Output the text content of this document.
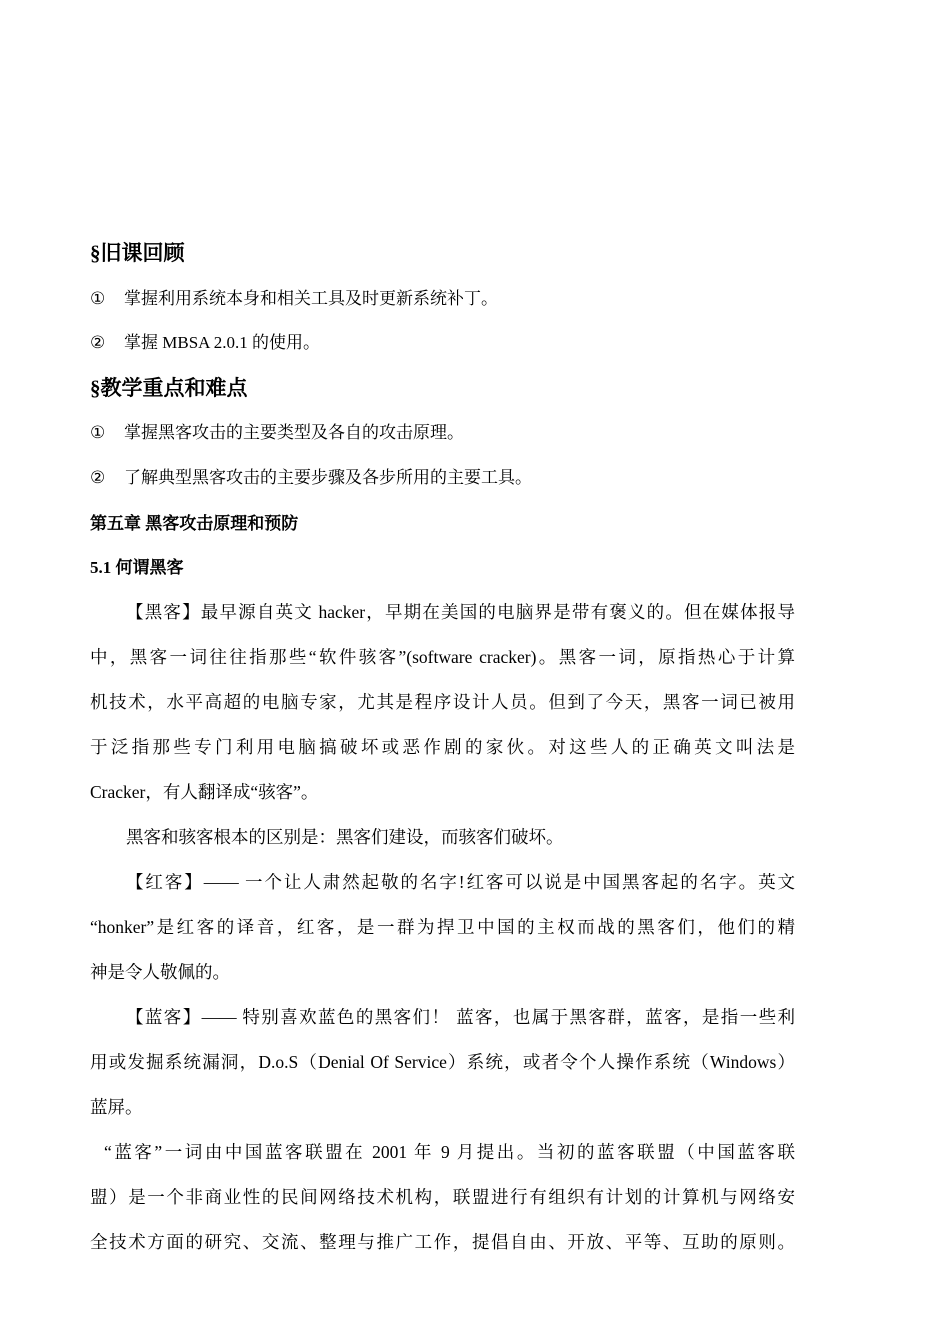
§旧课回顾
① 掌握利用系统本身和相关工具及时更新系统补丁。
② 掌握 MBSA 2.0.1 的使用。
§教学重点和难点
① 掌握黑客攻击的主要类型及各自的攻击原理。
② 了解典型黑客攻击的主要步骤及各步所用的主要工具。
第五章 黑客攻击原理和预防
5.1 何谓黑客
【黑客】最早源自英文 hacker，早期在美国的电脑界是带有褒义的。但在媒体报导
中，黑客一词往往指那些“软件骇客”(software cracker)。黑客一词，原指热心于计算
机技术，水平高超的电脑专家，尤其是程序设计人员。但到了今天，黑客一词已被用
于泛指那些专门利用电脑搞破坏或恶作剧的家伙。对这些人的正确英文叫法是
Cracker，有人翻译成“骇客”。
黑客和骇客根本的区别是：黑客们建设，而骇客们破坏。
【红客】—— 一个让人肃然起敬的名字!红客可以说是中国黑客起的名字。英文
“honker”是红客的译音，红客，是一群为捍卫中国的主权而战的黑客们，他们的精
神是令人敬佩的。
【蓝客】—— 特别喜欢蓝色的黑客们！ 蓝客，也属于黑客群，蓝客，是指一些利
用或发掘系统漏洞，D.o.S（Denial Of Service）系统，或者令个人操作系统（Windows）
蓝屏。
“蓝客”一词由中国蓝客联盟在 2001 年 9 月提出。当初的蓝客联盟（中国蓝客联
盟）是一个非商业性的民间网络技术机构，联盟进行有组织有计划的计算机与网络安
全技术方面的研究、交流、整理与推广工作，提倡自由、开放、平等、互助的原则。
